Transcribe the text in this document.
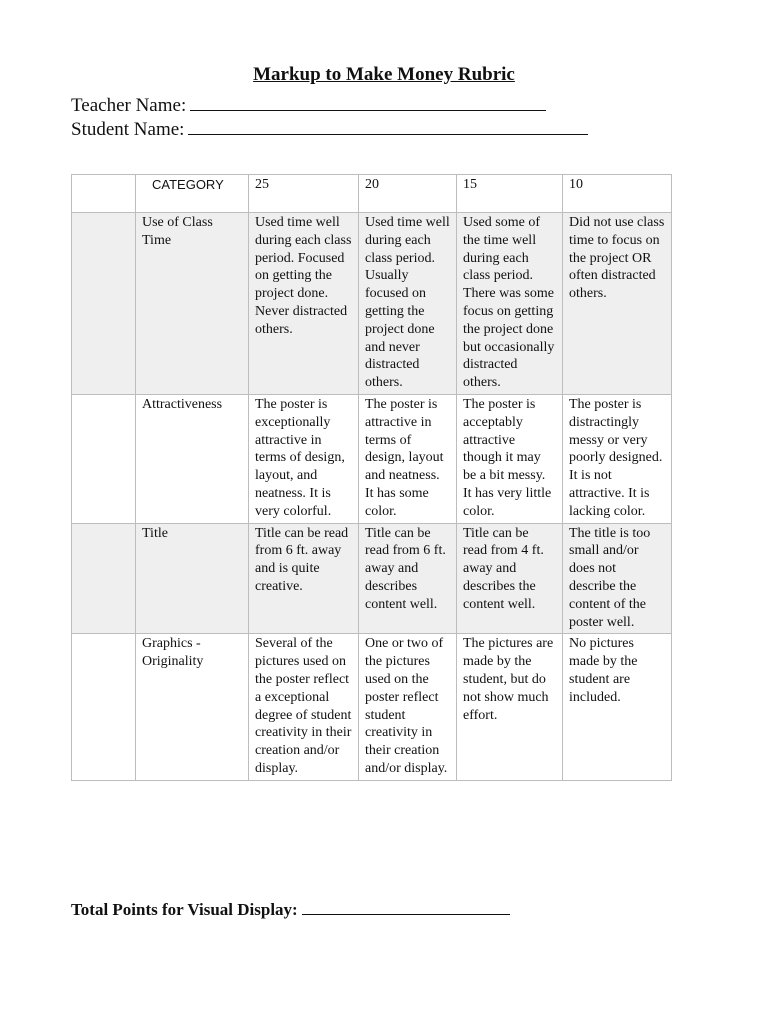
Markup to Make Money Rubric
Teacher Name:
Student Name:
	CATEGORY	25	20	15	10
	Use of Class Time	Used time well during each class period. Focused on getting the project done. Never distracted others.	Used time well during each class period. Usually focused on getting the project done and never distracted others.	Used some of the time well during each class period. There was some focus on getting the project done but occasionally distracted others.	Did not use class time to focus on the project OR often distracted others.
	Attractiveness	The poster is exceptionally attractive in terms of design, layout, and neatness. It is very colorful.	The poster is attractive in terms of design, layout and neatness. It has some color.	The poster is acceptably attractive though it may be a bit messy. It has very little color.	The poster is distractingly messy or very poorly designed. It is not attractive. It is lacking color.
	Title	Title can be read from 6 ft. away and is quite creative.	Title can be read from 6 ft. away and describes content well.	Title can be read from 4 ft. away and describes the content well.	The title is too small and/or does not describe the content of the poster well.
	Graphics - Originality	Several of the pictures used on the poster reflect a exceptional degree of student creativity in their creation and/or display.	One or two of the pictures used on the poster reflect student creativity in their creation and/or display.	The pictures are made by the student, but do not show much effort.	No pictures made by the student are included.
Total Points for Visual Display:
